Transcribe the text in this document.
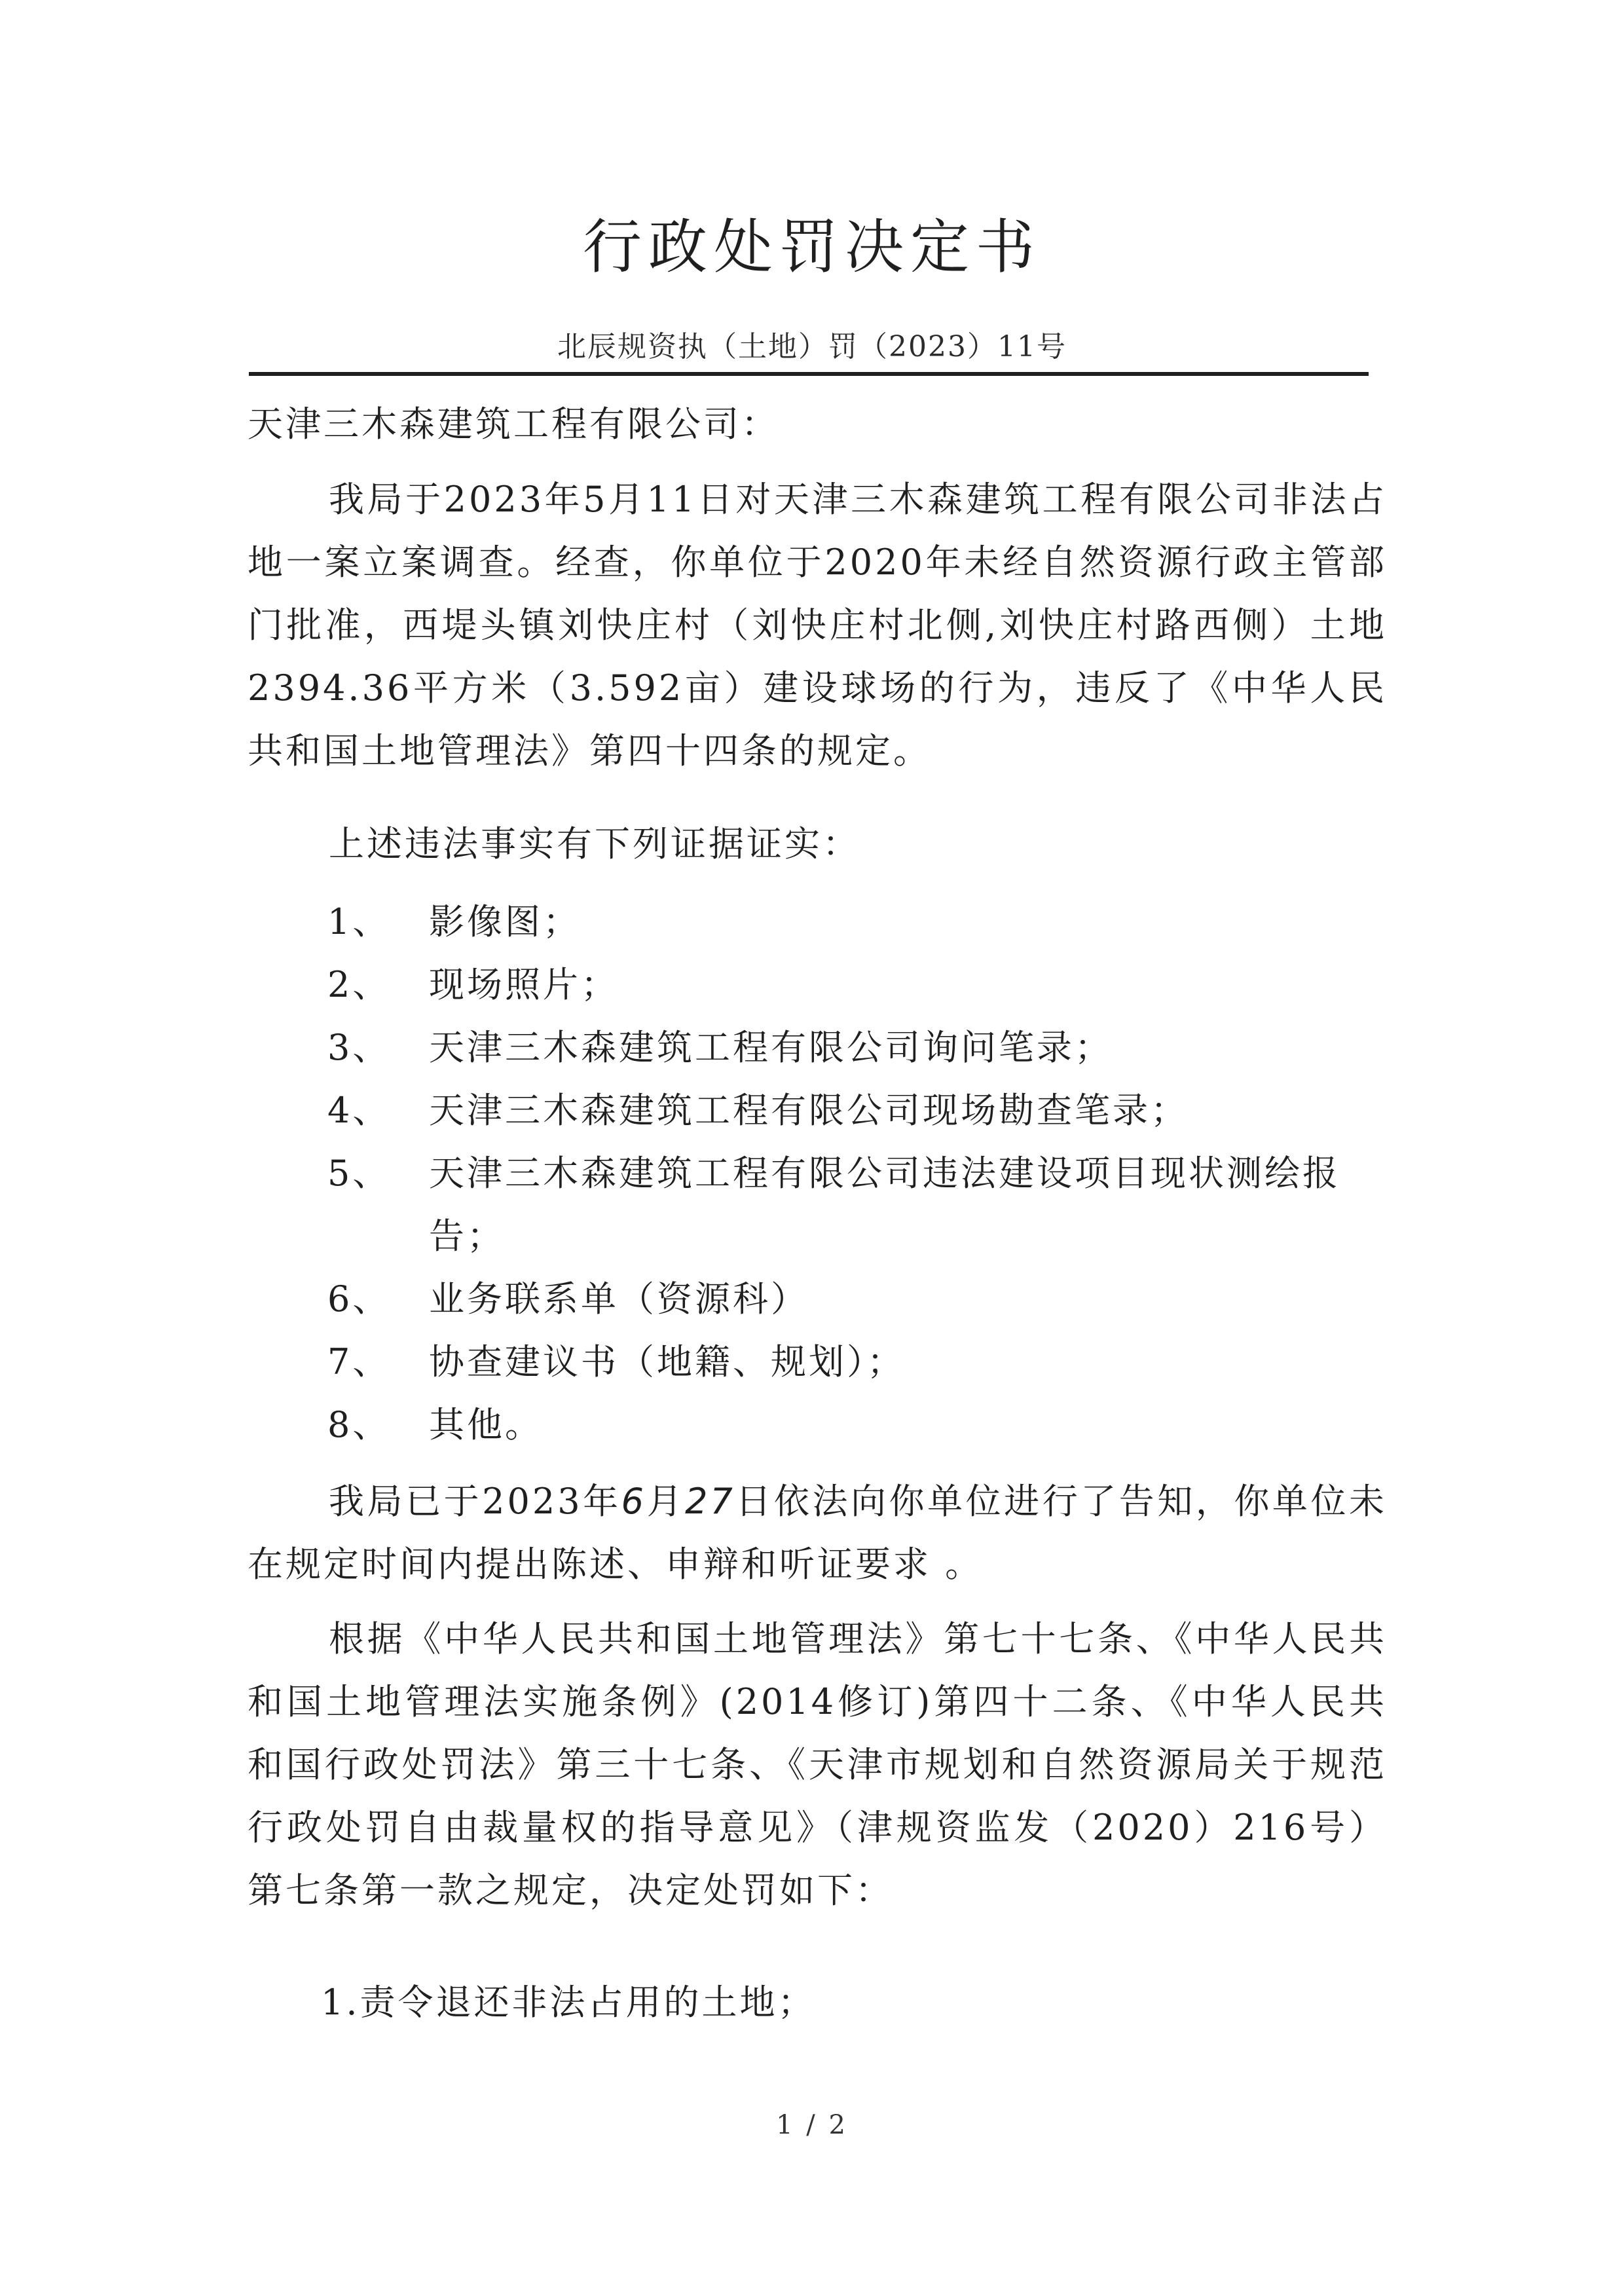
行政处罚决定书
北辰规资执（土地）罚（2023）11号
天津三木森建筑工程有限公司：
我局于2023年5月11日对天津三木森建筑工程有限公司非法占地一案立案调查。经查，你单位于2020年未经自然资源行政主管部门批准，西堤头镇刘快庄村（刘快庄村北侧,刘快庄村路西侧）土地2394.36平方米（3.592亩）建设球场的行为，违反了《中华人民共和国土地管理法》第四十四条的规定。
上述违法事实有下列证据证实：
1、	影像图；
2、	现场照片；
3、	天津三木森建筑工程有限公司询问笔录；
4、	天津三木森建筑工程有限公司现场勘查笔录；
5、	天津三木森建筑工程有限公司违法建设项目现状测绘报告；
6、	业务联系单（资源科）
7、	协查建议书（地籍、规划）；
8、	其他。
我局已于2023年6月27日依法向你单位进行了告知，你单位未在规定时间内提出陈述、申辩和听证要求 。
根据《中华人民共和国土地管理法》第七十七条、《中华人民共和国土地管理法实施条例》(2014修订)第四十二条、《中华人民共和国行政处罚法》第三十七条、《天津市规划和自然资源局关于规范行政处罚自由裁量权的指导意见》（津规资监发（2020）216号）第七条第一款之规定，决定处罚如下：
1.责令退还非法占用的土地；
1 / 2
